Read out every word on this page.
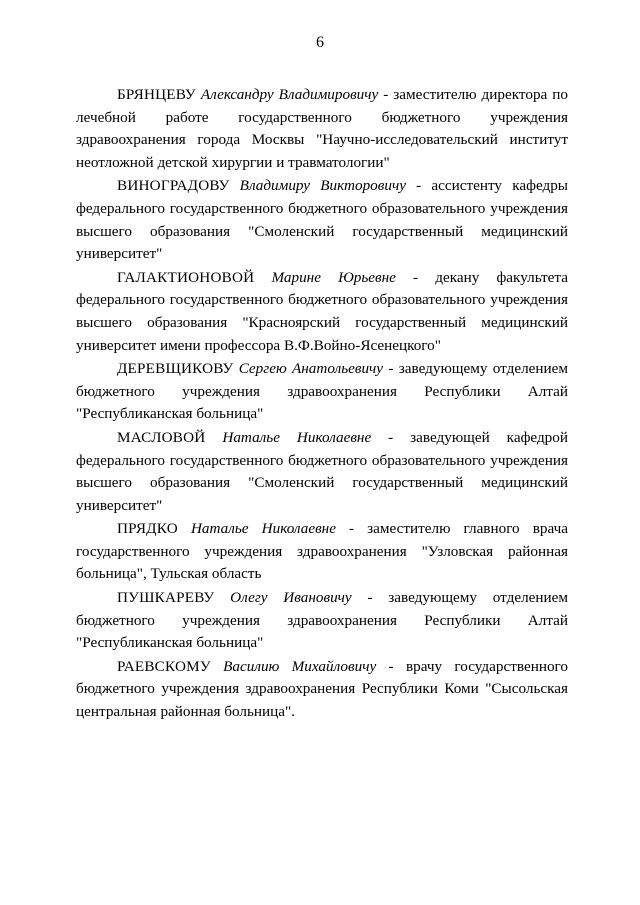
6

БРЯНЦЕВУ Александру Владимировичу - заместителю директора по лечебной работе государственного бюджетного учреждения здравоохранения города Москвы "Научно-исследовательский институт неотложной детской хирургии и травматологии"

ВИНОГРАДОВУ Владимиру Викторовичу - ассистенту кафедры федерального государственного бюджетного образовательного учреждения высшего образования "Смоленский государственный медицинский университет"

ГАЛАКТИОНОВОЙ Марине Юрьевне - декану факультета федерального государственного бюджетного образовательного учреждения высшего образования "Красноярский государственный медицинский университет имени профессора В.Ф.Войно-Ясенецкого"

ДЕРЕВЩИКОВУ Сергею Анатольевичу - заведующему отделением бюджетного учреждения здравоохранения Республики Алтай "Республиканская больница"

МАСЛОВОЙ Наталье Николаевне - заведующей кафедрой федерального государственного бюджетного образовательного учреждения высшего образования "Смоленский государственный медицинский университет"

ПРЯДКО Наталье Николаевне - заместителю главного врача государственного учреждения здравоохранения "Узловская районная больница", Тульская область

ПУШКАРЕВУ Олегу Ивановичу - заведующему отделением бюджетного учреждения здравоохранения Республики Алтай "Республиканская больница"

РАЕВСКОМУ Василию Михайловичу - врачу государственного бюджетного учреждения здравоохранения Республики Коми "Сысольская центральная районная больница".
